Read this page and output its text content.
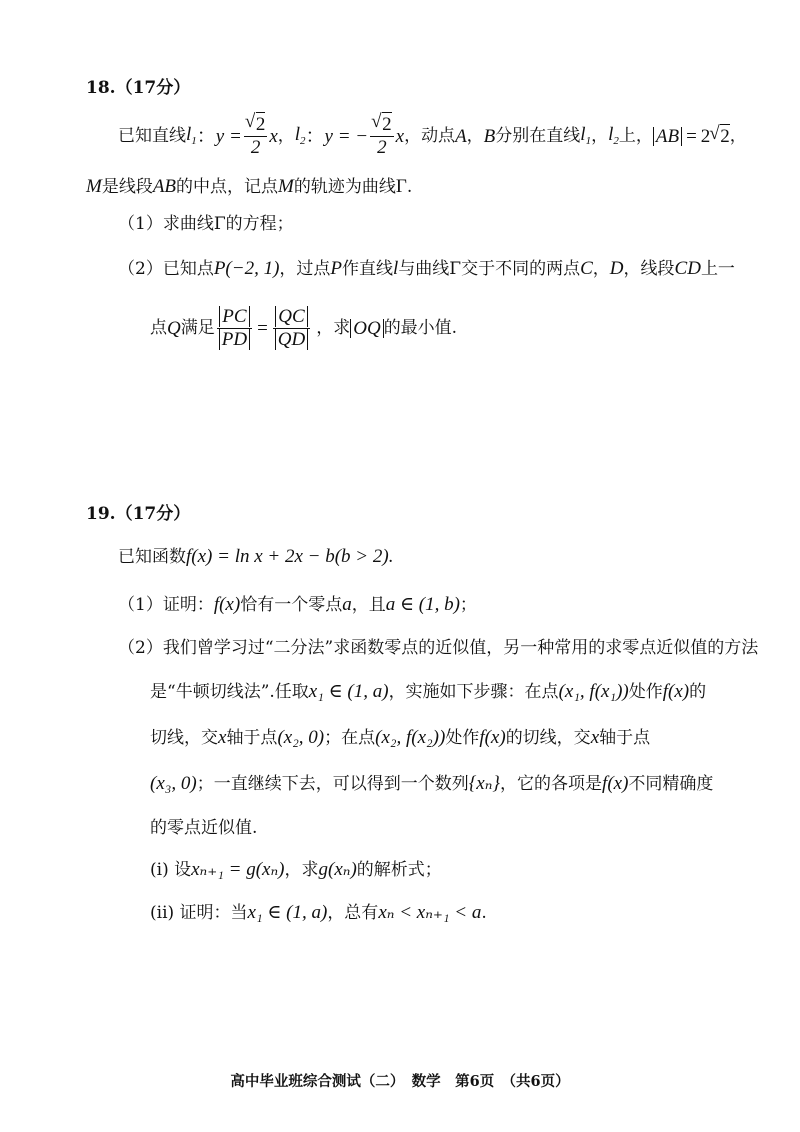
18.（17分）
已知直线 $l_1$ ： y = √ $\frac{2}{2}$ x ， $l_2$ ： y = − √ $\frac{2}{2}$ x ， 动点 A ， B 分别在直线 $l_1$ ， $l_2$ 上， AB = 2 √ 2 ，
M是线段AB的中点，记点M的轨迹为曲线Γ.
（1）求曲线Γ的方程；
（2）已知点P(−2, 1)，过点P作直线l与曲线Γ交于不同的两点C，D，线段CD上一
点 Q 满足 $\frac{PC}{PD} = \frac{QC}{QD}$ ，求 OQ 的最小值.
19.（17分）
已知函数f(x) = ln x + 2x − b(b > 2).
（1）证明：f(x)恰有一个零点a，且a ∈ (1, b)；
（2）我们曾学习过“二分法”求函数零点的近似值，另一种常用的求零点近似值的方法
是“牛顿切线法”.任取x₁ ∈ (1, a)，实施如下步骤：在点(x₁, f(x₁))处作f(x)的
切线，交x轴于点(x₂, 0)；在点(x₂, f(x₂))处作f(x)的切线，交x轴于点
(x₃, 0)；一直继续下去，可以得到一个数列{xₙ}，它的各项是f(x)不同精确度
的零点近似值.
(i) 设xₙ₊₁ = g(xₙ)，求g(xₙ)的解析式；
(ii) 证明：当x₁ ∈ (1, a)，总有xₙ < xₙ₊₁ < a.
高中毕业班综合测试（二）　数学　第6页　（共6页）
